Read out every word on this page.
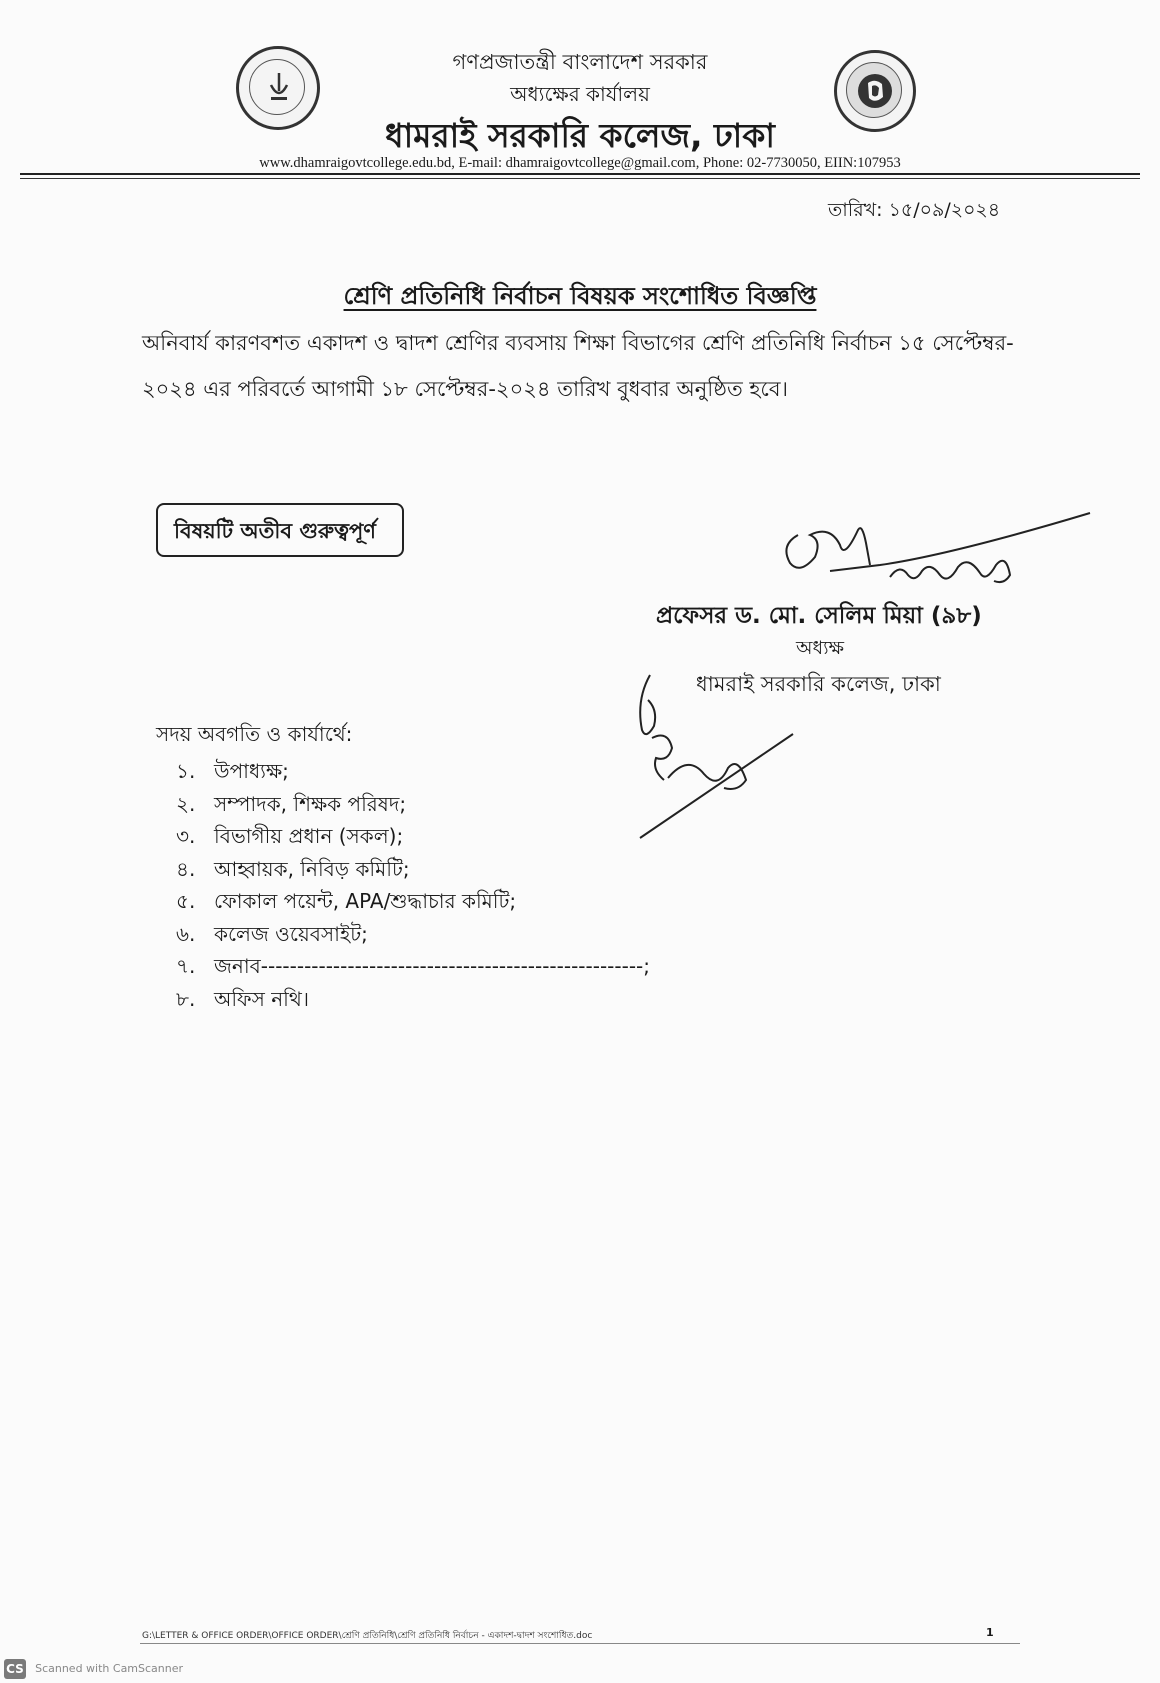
গণপ্রজাতন্ত্রী বাংলাদেশ সরকার
অধ্যক্ষের কার্যালয়
ধামরাই সরকারি কলেজ, ঢাকা
www.dhamraigovtcollege.edu.bd, E-mail: dhamraigovtcollege@gmail.com, Phone: 02-7730050, EIIN:107953
তারিখ: ১৫/০৯/২০২৪
শ্রেণি প্রতিনিধি নির্বাচন বিষয়ক সংশোধিত বিজ্ঞপ্তি
অনিবার্য কারণবশত একাদশ ও দ্বাদশ শ্রেণির ব্যবসায় শিক্ষা বিভাগের শ্রেণি প্রতিনিধি নির্বাচন ১৫ সেপ্টেম্বর-
২০২৪ এর পরিবর্তে আগামী ১৮ সেপ্টেম্বর-২০২৪ তারিখ বুধবার অনুষ্ঠিত হবে।
বিষয়টি অতীব গুরুত্বপূর্ণ
প্রফেসর ড. মো. সেলিম মিয়া (৯৮)
অধ্যক্ষ
ধামরাই সরকারি কলেজ, ঢাকা
সদয় অবগতি ও কার্যার্থে:
১. উপাধ্যক্ষ;
২. সম্পাদক, শিক্ষক পরিষদ;
৩. বিভাগীয় প্রধান (সকল);
৪. আহ্বায়ক, নিবিড় কমিটি;
৫. ফোকাল পয়েন্ট, APA/শুদ্ধাচার কমিটি;
৬. কলেজ ওয়েবসাইট;
৭. জনাব-----------------------------------------------------;
৮. অফিস নথি।
G:\LETTER & OFFICE ORDER\OFFICE ORDER\শ্রেণি প্রতিনিধি\শ্রেণি প্রতিনিধি নির্বাচন - একাদশ-দ্বাদশ সংশোধিত.doc	1
CS Scanned with CamScanner
